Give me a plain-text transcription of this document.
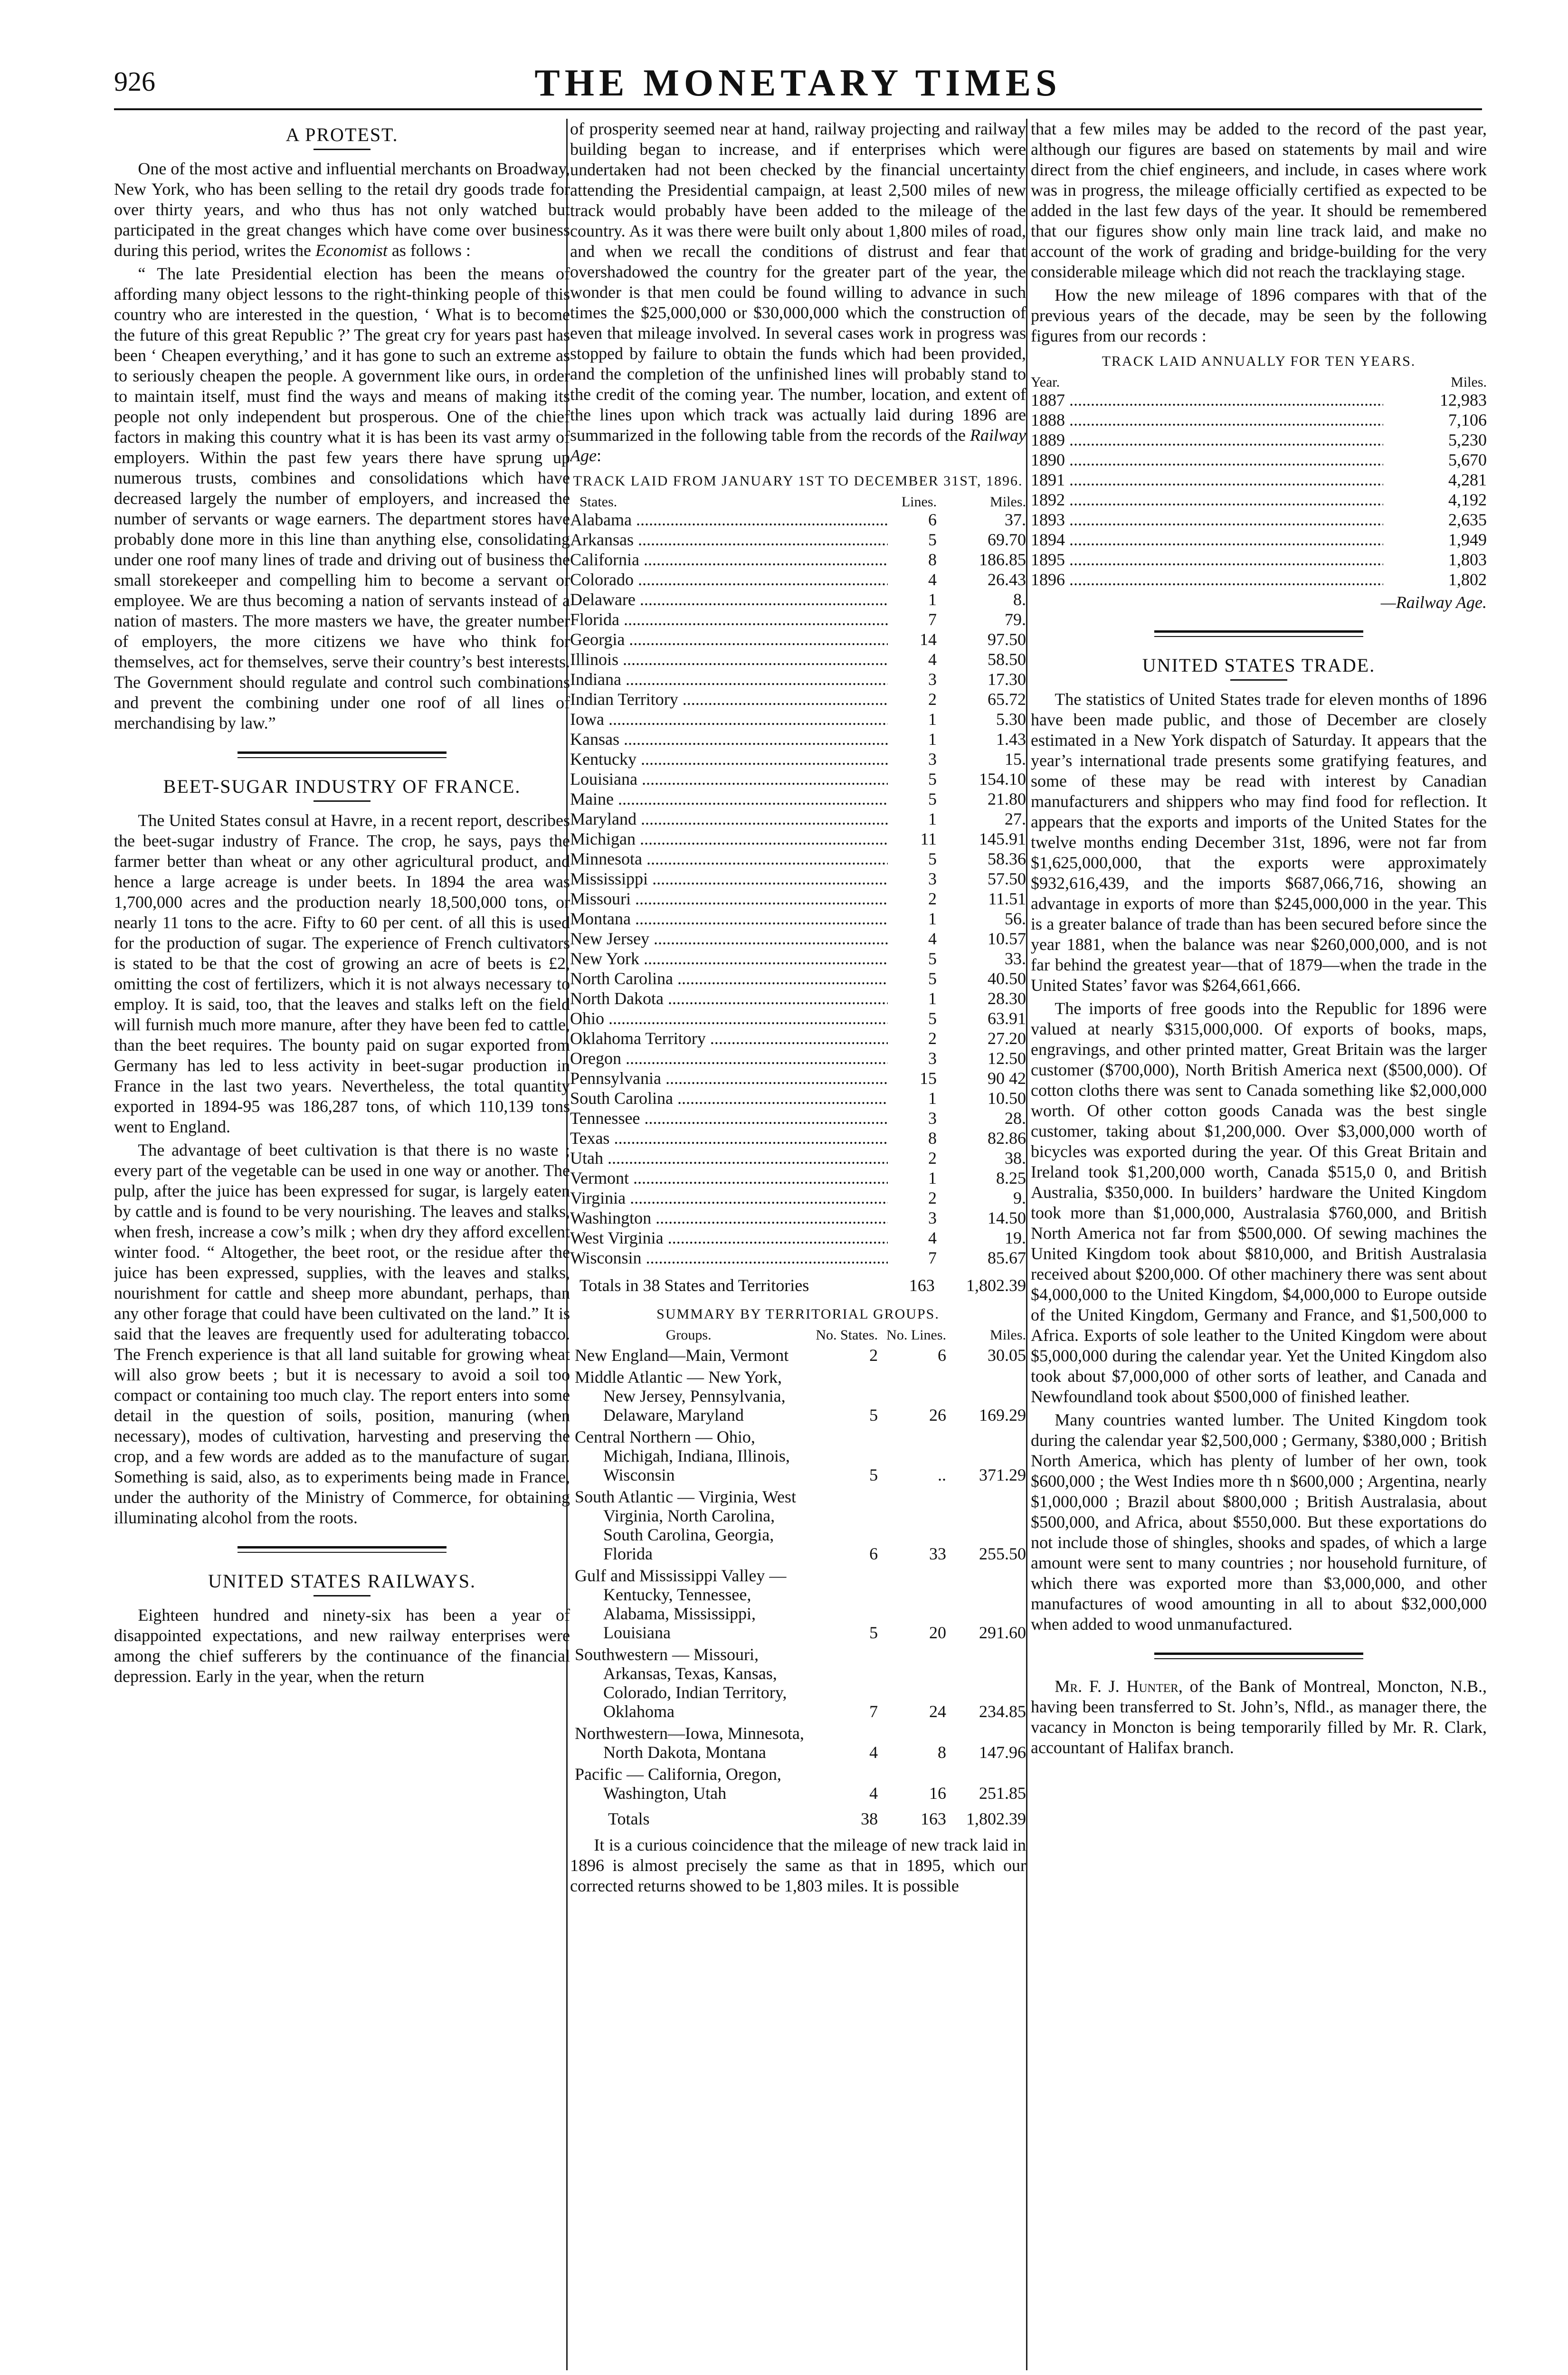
926	THE MONETARY TIMES
A PROTEST.

One of the most active and influential merchants on Broadway, New York, who has been selling to the retail dry goods trade for over thirty years, and who thus has not only watched but participated in the great changes which have come over business during this period, writes the Economist as follows :

“ The late Presidential election has been the means of affording many object lessons to the right-thinking people of this country who are interested in the question, ‘ What is to become the future of this great Republic ?’ The great cry for years past has been ‘ Cheapen everything,’ and it has gone to such an extreme as to seriously cheapen the people. A government like ours, in order to maintain itself, must find the ways and means of making its people not only independent but prosperous. One of the chief factors in making this country what it is has been its vast army of employers. Within the past few years there have sprung up numerous trusts, combines and consolidations which have decreased largely the number of employers, and increased the number of servants or wage earners. The department stores have probably done more in this line than anything else, consolidating under one roof many lines of trade and driving out of business the small storekeeper and compelling him to become a servant or employee. We are thus becoming a nation of servants instead of a nation of masters. The more masters we have, the greater number of employers, the more citizens we have who think for themselves, act for themselves, serve their country’s best interests. The Government should regulate and control such combinations and prevent the combining under one roof of all lines of merchandising by law.”

BEET-SUGAR INDUSTRY OF FRANCE.

The United States consul at Havre, in a recent report, describes the beet-sugar industry of France. The crop, he says, pays the farmer better than wheat or any other agricultural product, and hence a large acreage is under beets. In 1894 the area was 1,700,000 acres and the production nearly 18,500,000 tons, or nearly 11 tons to the acre. Fifty to 60 per cent. of all this is used for the production of sugar. The experience of French cultivators is stated to be that the cost of growing an acre of beets is £2, omitting the cost of fertilizers, which it is not always necessary to employ. It is said, too, that the leaves and stalks left on the field will furnish much more manure, after they have been fed to cattle, than the beet requires. The bounty paid on sugar exported from Germany has led to less activity in beet-sugar production in France in the last two years. Nevertheless, the total quantity exported in 1894-95 was 186,287 tons, of which 110,139 tons went to England.

The advantage of beet cultivation is that there is no waste ; every part of the vegetable can be used in one way or another. The pulp, after the juice has been expressed for sugar, is largely eaten by cattle and is found to be very nourishing. The leaves and stalks, when fresh, increase a cow’s milk ; when dry they afford excellent winter food. “ Altogether, the beet root, or the residue after the juice has been expressed, supplies, with the leaves and stalks, nourishment for cattle and sheep more abundant, perhaps, than any other forage that could have been cultivated on the land.” It is said that the leaves are frequently used for adulterating tobacco. The French experience is that all land suitable for growing wheat will also grow beets ; but it is necessary to avoid a soil too compact or containing too much clay. The report enters into some detail in the question of soils, position, manuring (when necessary), modes of cultivation, harvesting and preserving the crop, and a few words are added as to the manufacture of sugar. Something is said, also, as to experiments being made in France, under the authority of the Ministry of Commerce, for obtaining illuminating alcohol from the roots.

UNITED STATES RAILWAYS.

Eighteen hundred and ninety-six has been a year of disappointed expectations, and new railway enterprises were among the chief sufferers by the continuance of the financial depression. Early in the year, when the return

of prosperity seemed near at hand, railway projecting and railway building began to increase, and if enterprises which were undertaken had not been checked by the financial uncertainty attending the Presidential campaign, at least 2,500 miles of new track would probably have been added to the mileage of the country. As it was there were built only about 1,800 miles of road, and when we recall the conditions of distrust and fear that overshadowed the country for the greater part of the year, the wonder is that men could be found willing to advance in such times the $25,000,000 or $30,000,000 which the construction of even that mileage involved. In several cases work in progress was stopped by failure to obtain the funds which had been provided, and the completion of the unfinished lines will probably stand to the credit of the coming year. The number, location, and extent of the lines upon which track was actually laid during 1896 are summarized in the following table from the records of the Railway Age:

TRACK LAID FROM JANUARY 1ST TO DECEMBER 31ST, 1896.
States.	Lines.	Miles.
Alabama .....	6	37.
Arkansas .....	5	69.70
California .....	8	186.85
Colorado .....	4	26.43
Delaware .....	1	8.
Florida .....	7	79.
Georgia .....	14	97.50
Illinois .....	4	58.50
Indiana .....	3	17.30
Indian Territory .....	2	65.72
Iowa .....	1	5.30
Kansas .....	1	1.43
Kentucky .....	3	15.
Louisiana .....	5	154.10
Maine .....	5	21.80
Maryland .....	1	27.
Michigan .....	11	145.91
Minnesota .....	5	58.36
Mississippi .....	3	57.50
Missouri .....	2	11.51
Montana .....	1	56.
New Jersey .....	4	10.57
New York .....	5	33.
North Carolina .....	5	40.50
North Dakota .....	1	28.30
Ohio .....	5	63.91
Oklahoma Territory .....	2	27.20
Oregon .....	3	12.50
Pennsylvania .....	15	90 42
South Carolina .....	1	10.50
Tennessee .....	3	28.
Texas .....	8	82.86
Utah .....	2	38.
Vermont .....	1	8.25
Virginia .....	2	9.
Washington .....	3	14.50
West Virginia .....	4	19.
Wisconsin .....	7	85.67
Totals in 38 States and Territories	163	1,802.39
SUMMARY BY TERRITORIAL GROUPS.
Groups.	No. States.	No. Lines.	Miles.
New England—Main, Vermont	2	6	30.05
Middle Atlantic — New York, New Jersey, Pennsylvania, Delaware, Maryland	5	26	169.29
Central Northern — Ohio, Michigah, Indiana, Illinois, Wisconsin	5	..	371.29
South Atlantic — Virginia, West Virginia, North Carolina, South Carolina, Georgia, Florida	6	33	255.50
Gulf and Mississippi Valley —Kentucky, Tennessee, Alabama, Mississippi, Louisiana	5	20	291.60
Southwestern — Missouri, Arkansas, Texas, Kansas, Colorado, Indian Territory, Oklahoma	7	24	234.85
Northwestern—Iowa, Minnesota, North Dakota, Montana	4	8	147.96
Pacific — California, Oregon, Washington, Utah	4	16	251.85
Totals	38	163	1,802.39

It is a curious coincidence that the mileage of new track laid in 1896 is almost precisely the same as that in 1895, which our corrected returns showed to be 1,803 miles. It is possible

that a few miles may be added to the record of the past year, although our figures are based on statements by mail and wire direct from the chief engineers, and include, in cases where work was in progress, the mileage officially certified as expected to be added in the last few days of the year. It should be remembered that our figures show only main line track laid, and make no account of the work of grading and bridge-building for the very considerable mileage which did not reach the tracklaying stage.

How the new mileage of 1896 compares with that of the previous years of the decade, may be seen by the following figures from our records :

TRACK LAID ANNUALLY FOR TEN YEARS.
Year.	Miles.
1887 .....	12,983
1888 .....	7,106
1889 .....	5,230
1890 .....	5,670
1891 .....	4,281
1892 .....	4,192
1893 .....	2,635
1894 .....	1,949
1895 .....	1,803
1896 .....	1,802
—Railway Age.
UNITED STATES TRADE.

The statistics of United States trade for eleven months of 1896 have been made public, and those of December are closely estimated in a New York dispatch of Saturday. It appears that the year’s international trade presents some gratifying features, and some of these may be read with interest by Canadian manufacturers and shippers who may find food for reflection. It appears that the exports and imports of the United States for the twelve months ending December 31st, 1896, were not far from $1,625,000,000, that the exports were approximately $932,616,439, and the imports $687,066,716, showing an advantage in exports of more than $245,000,000 in the year. This is a greater balance of trade than has been secured before since the year 1881, when the balance was near $260,000,000, and is not far behind the greatest year—that of 1879—when the trade in the United States’ favor was $264,661,666.

The imports of free goods into the Republic for 1896 were valued at nearly $315,000,000. Of exports of books, maps, engravings, and other printed matter, Great Britain was the larger customer ($700,000), North British America next ($500,000). Of cotton cloths there was sent to Canada something like $2,000,000 worth. Of other cotton goods Canada was the best single customer, taking about $1,200,000. Over $3,000,000 worth of bicycles was exported during the year. Of this Great Britain and Ireland took $1,200,000 worth, Canada $515,0 0, and British Australia, $350,000. In builders’ hardware the United Kingdom took more than $1,000,000, Australasia $760,000, and British North America not far from $500,000. Of sewing machines the United Kingdom took about $810,000, and British Australasia received about $200,000. Of other machinery there was sent about $4,000,000 to the United Kingdom, $4,000,000 to Europe outside of the United Kingdom, Germany and France, and $1,500,000 to Africa. Exports of sole leather to the United Kingdom were about $5,000,000 during the calendar year. Yet the United Kingdom also took about $7,000,000 of other sorts of leather, and Canada and Newfoundland took about $500,000 of finished leather.

Many countries wanted lumber. The United Kingdom took during the calendar year $2,500,000 ; Germany, $380,000 ; British North America, which has plenty of lumber of her own, took $600,000 ; the West Indies more th n $600,000 ; Argentina, nearly $1,000,000 ; Brazil about $800,000 ; British Australasia, about $500,000, and Africa, about $550,000. But these exportations do not include those of shingles, shooks and spades, of which a large amount were sent to many countries ; nor household furniture, of which there was exported more than $3,000,000, and other manufactures of wood amounting in all to about $32,000,000 when added to wood unmanufactured.

Mr. F. J. Hunter, of the Bank of Montreal, Moncton, N.B., having been transferred to St. John’s, Nfld., as manager there, the vacancy in Moncton is being temporarily filled by Mr. R. Clark, accountant of Halifax branch.
